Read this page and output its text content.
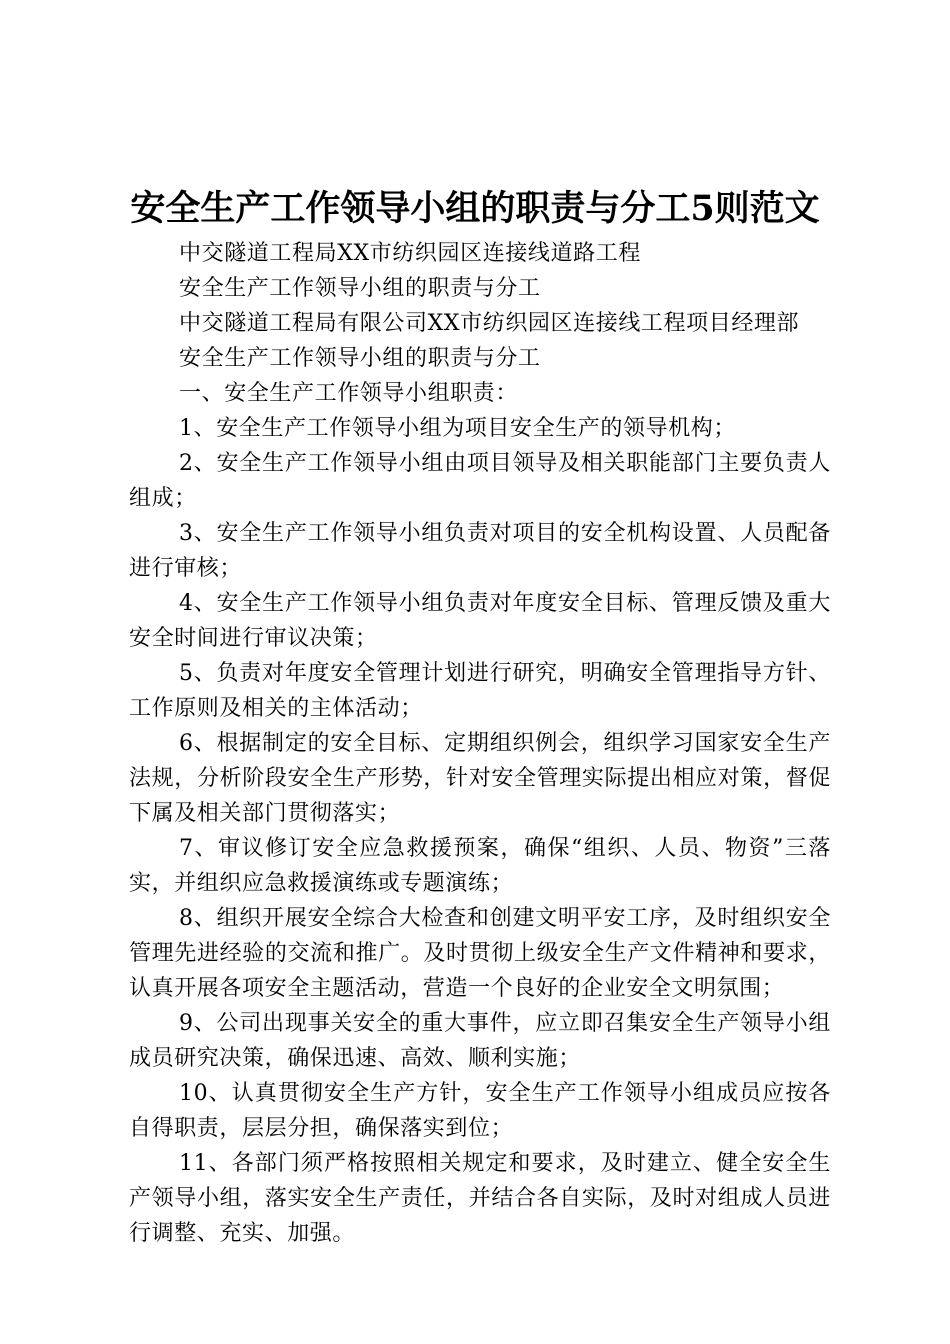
安全生产工作领导小组的职责与分工5则范文

中交隧道工程局XX市纺织园区连接线道路工程

安全生产工作领导小组的职责与分工

中交隧道工程局有限公司XX市纺织园区连接线工程项目经理部

安全生产工作领导小组的职责与分工

一、安全生产工作领导小组职责：

1、安全生产工作领导小组为项目安全生产的领导机构；

2、安全生产工作领导小组由项目领导及相关职能部门主要负责人组成；

3、安全生产工作领导小组负责对项目的安全机构设置、人员配备进行审核；

4、安全生产工作领导小组负责对年度安全目标、管理反馈及重大安全时间进行审议决策；

5、负责对年度安全管理计划进行研究，明确安全管理指导方针、工作原则及相关的主体活动；

6、根据制定的安全目标、定期组织例会，组织学习国家安全生产法规，分析阶段安全生产形势，针对安全管理实际提出相应对策，督促下属及相关部门贯彻落实；

7、审议修订安全应急救援预案，确保“组织、人员、物资”三落实，并组织应急救援演练或专题演练；

8、组织开展安全综合大检查和创建文明平安工序，及时组织安全管理先进经验的交流和推广。及时贯彻上级安全生产文件精神和要求，认真开展各项安全主题活动，营造一个良好的企业安全文明氛围；

9、公司出现事关安全的重大事件，应立即召集安全生产领导小组成员研究决策，确保迅速、高效、顺利实施；

10、认真贯彻安全生产方针，安全生产工作领导小组成员应按各自得职责，层层分担，确保落实到位；

11、各部门须严格按照相关规定和要求，及时建立、健全安全生产领导小组，落实安全生产责任，并结合各自实际，及时对组成人员进行调整、充实、加强。
